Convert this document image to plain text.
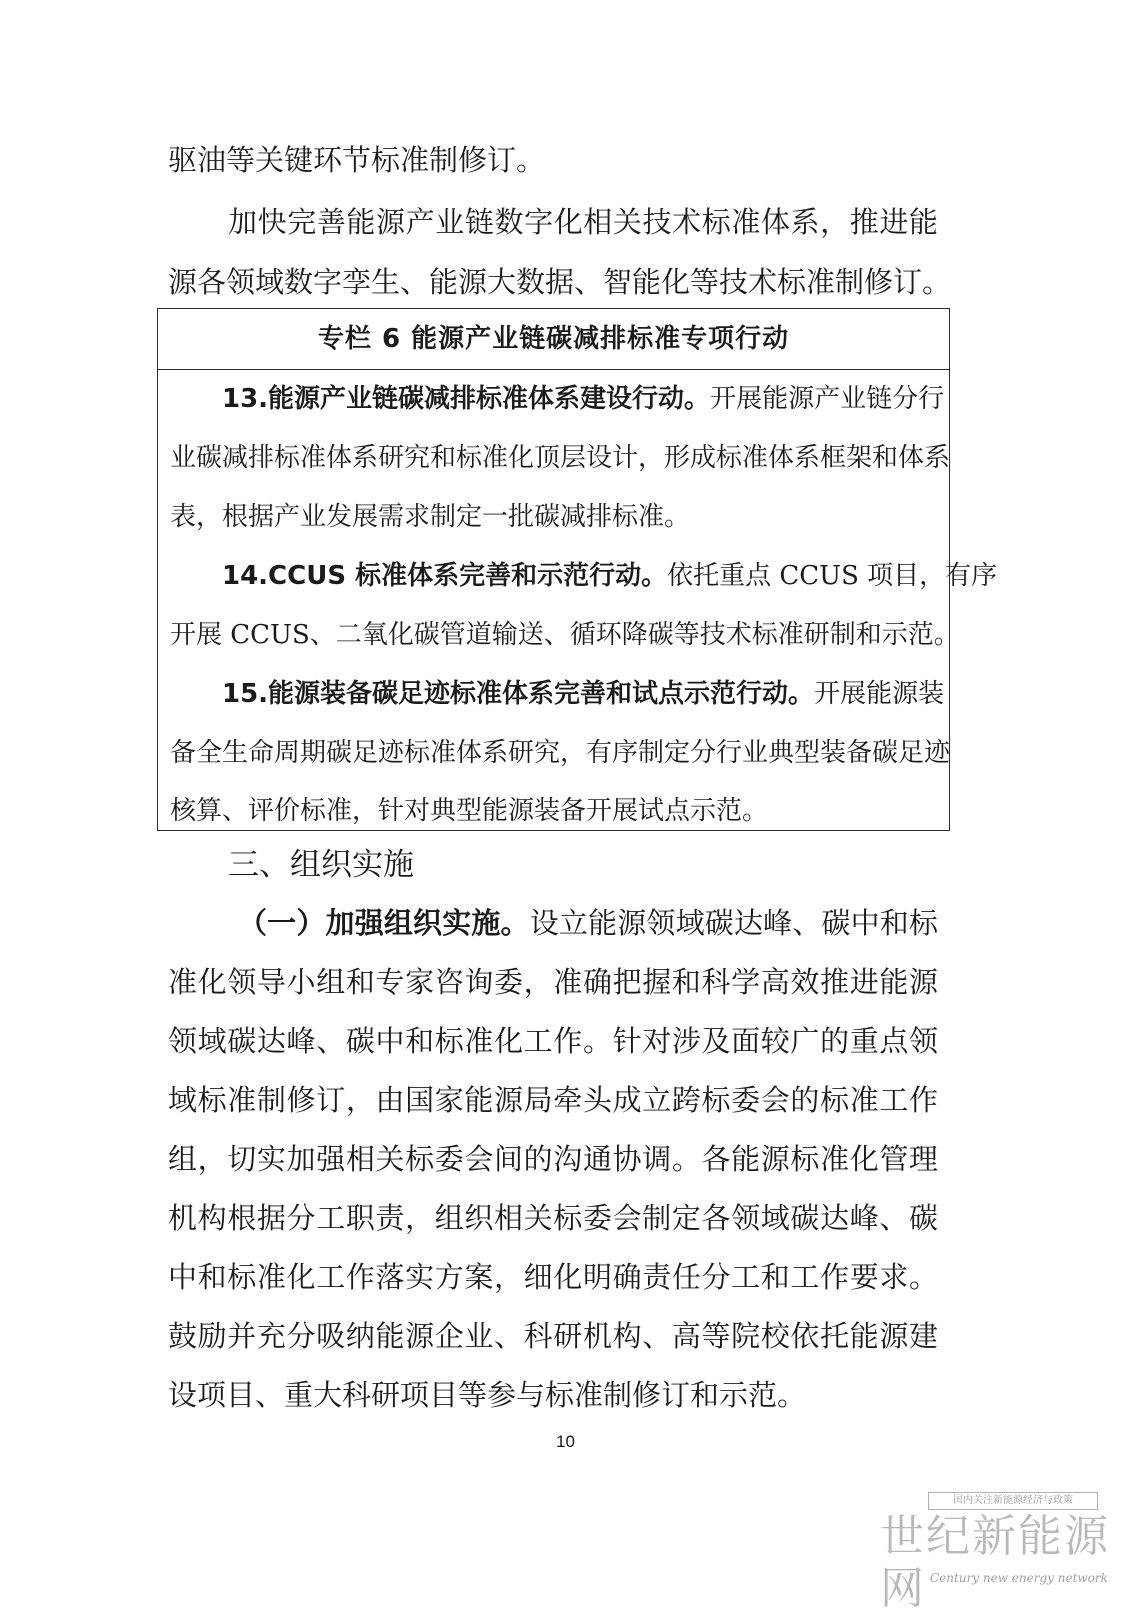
驱油等关键环节标准制修订。
加快完善能源产业链数字化相关技术标准体系，推进能
源各领域数字孪生、能源大数据、智能化等技术标准制修订。
专栏 6 能源产业链碳减排标准专项行动
13.能源产业链碳减排标准体系建设行动。开展能源产业链分行
业碳减排标准体系研究和标准化顶层设计，形成标准体系框架和体系
表，根据产业发展需求制定一批碳减排标准。
14.CCUS 标准体系完善和示范行动。依托重点 CCUS 项目，有序
开展 CCUS、二氧化碳管道输送、循环降碳等技术标准研制和示范。
15.能源装备碳足迹标准体系完善和试点示范行动。开展能源装
备全生命周期碳足迹标准体系研究，有序制定分行业典型装备碳足迹
核算、评价标准，针对典型能源装备开展试点示范。
三、组织实施
（一）加强组织实施。设立能源领域碳达峰、碳中和标
准化领导小组和专家咨询委，准确把握和科学高效推进能源
领域碳达峰、碳中和标准化工作。针对涉及面较广的重点领
域标准制修订，由国家能源局牵头成立跨标委会的标准工作
组，切实加强相关标委会间的沟通协调。各能源标准化管理
机构根据分工职责，组织相关标委会制定各领域碳达峰、碳
中和标准化工作落实方案，细化明确责任分工和工作要求。
鼓励并充分吸纳能源企业、科研机构、高等院校依托能源建
设项目、重大科研项目等参与标准制修订和示范。
10
国内关注新能源经济与政策
世纪新能源网 Century new energy network
